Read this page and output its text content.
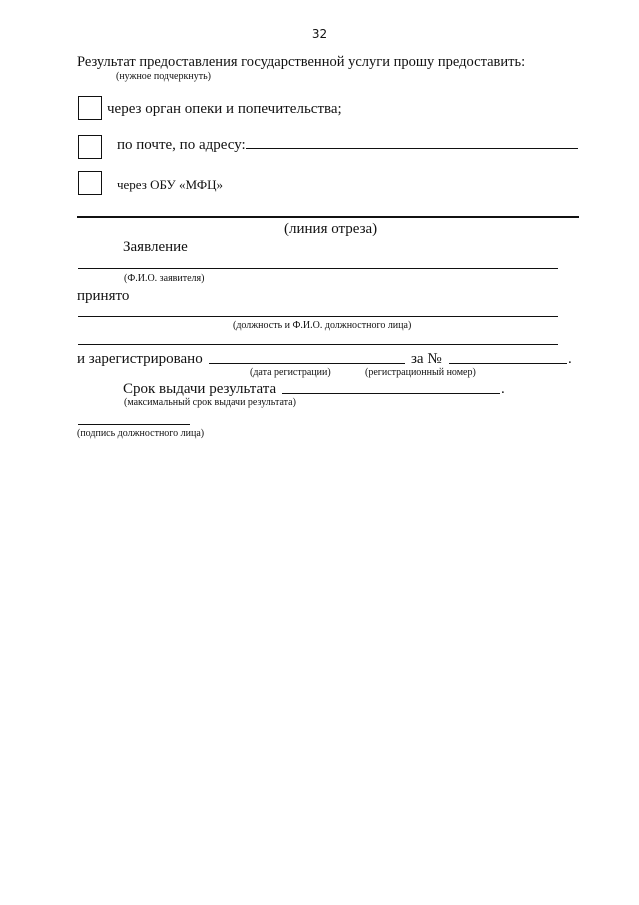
32
Результат предоставления государственной услуги прошу предоставить:
(нужное подчеркнуть)
через орган опеки и попечительства;
по почте, по адресу:
через ОБУ «МФЦ»
(линия отреза)
Заявление
(Ф.И.О. заявителя)
принято
(должность и Ф.И.О. должностного лица)
и зарегистрировано	за №	.
(дата регистрации)	(регистрационный номер)
Срок выдачи результата	.
(максимальный срок выдачи результата)
(подпись должностного лица)
